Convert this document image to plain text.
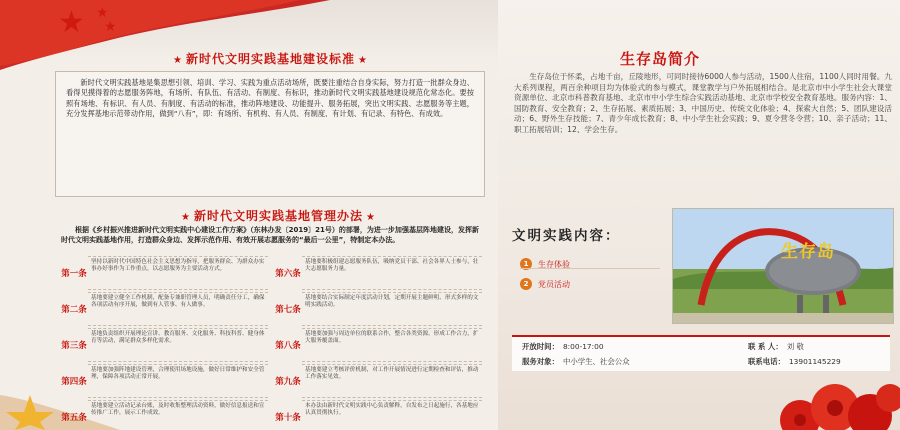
★ ★
★
★ 新时代文明实践基地建设标准 ★

新时代文明实践基地是集思想引领、培训、学习、实践为重点活动场所，既要注重结合自身实际，努力打造一批群众身边、看得见摸得着的志愿服务阵地，有场所、有队伍、有活动、有制度、有标识，推动新时代文明实践基地建设规范化常态化。要按照有场地、有标识、有人员、有制度、有活动的标准，推动阵地建设、功能提升、服务拓展，突出文明实践、志愿服务等主题，充分发挥基地示范带动作用，做到“八有”，即：有场所、有机构、有人员、有制度、有计划、有记录、有特色、有成效。

★ 新时代文明实践基地管理办法 ★

根据《乡村振兴推进新时代文明实践中心建设工作方案》（东林办发〔2019〕21号）的部署，为进一步加强基层阵地建设，发挥新时代文明实践基地作用，打造群众身边、发挥示范作用、有效开展志愿服务的“最后一公里”，特制定本办法。

第一条
坚持以新时代中国特色社会主义思想为指导，把服务群众、为群众办实事办好事作为工作重点，以志愿服务为主要活动方式。
第二条
基地要建立健全工作机制，配备专兼职管理人员，明确责任分工，确保各项活动有序开展，做到有人管事、有人做事。
第三条
基地负责组织开展理论宣讲、教育服务、文化服务、科技科普、健身体育等活动，满足群众多样化需求。
第四条
基地要加强阵地建设管理，合理使用场地设施，做好日常维护和安全管理，保障各项活动正常开展。
第五条
基地要建立活动记录台账，及时收集整理活动资料，做好信息报送和宣传推广工作，展示工作成效。
第六条
基地要积极组建志愿服务队伍，吸纳党员干部、社会各界人士参与，壮大志愿服务力量。
第七条
基地要结合实际制定年度活动计划，定期开展主题鲜明、形式多样的文明实践活动。
第八条
基地要加强与周边单位的联系合作，整合各类资源，形成工作合力，扩大服务覆盖面。
第九条
基地要建立考核评价机制，对工作开展情况进行定期检查和评估，推动工作落实见效。
第十条
本办法由新时代文明实践中心负责解释，自发布之日起施行，各基地应认真贯彻执行。
生存岛简介

生存岛位于怀柔，占地千亩，丘陵地形，可同时接待6000人参与活动，1500人住宿，1100人同时用餐。九大系列课程，两百余种项目均为体验式的参与模式，课堂教学与户外拓展相结合。是北京市中小学生社会大课堂资源单位、北京市科普教育基地、北京市中小学生综合实践活动基地、北京市学校安全教育基地。服务内容：1、国防教育、安全教育；2、生存拓展、素质拓展；3、中国历史、传统文化体验；4、探索大自然；5、团队建设活动；6、野外生存技能；7、青少年成长教育；8、中小学生社会实践；9、夏令营冬令营；10、亲子活动；11、职工拓展培训；12、学会生存。

文明实践内容：
1	生存体验
2	党员活动
生存岛
开放时间： 8:00-17:00
服务对象： 中小学生、社会公众
联 系 人： 刘 敬
联系电话： 13901145229
